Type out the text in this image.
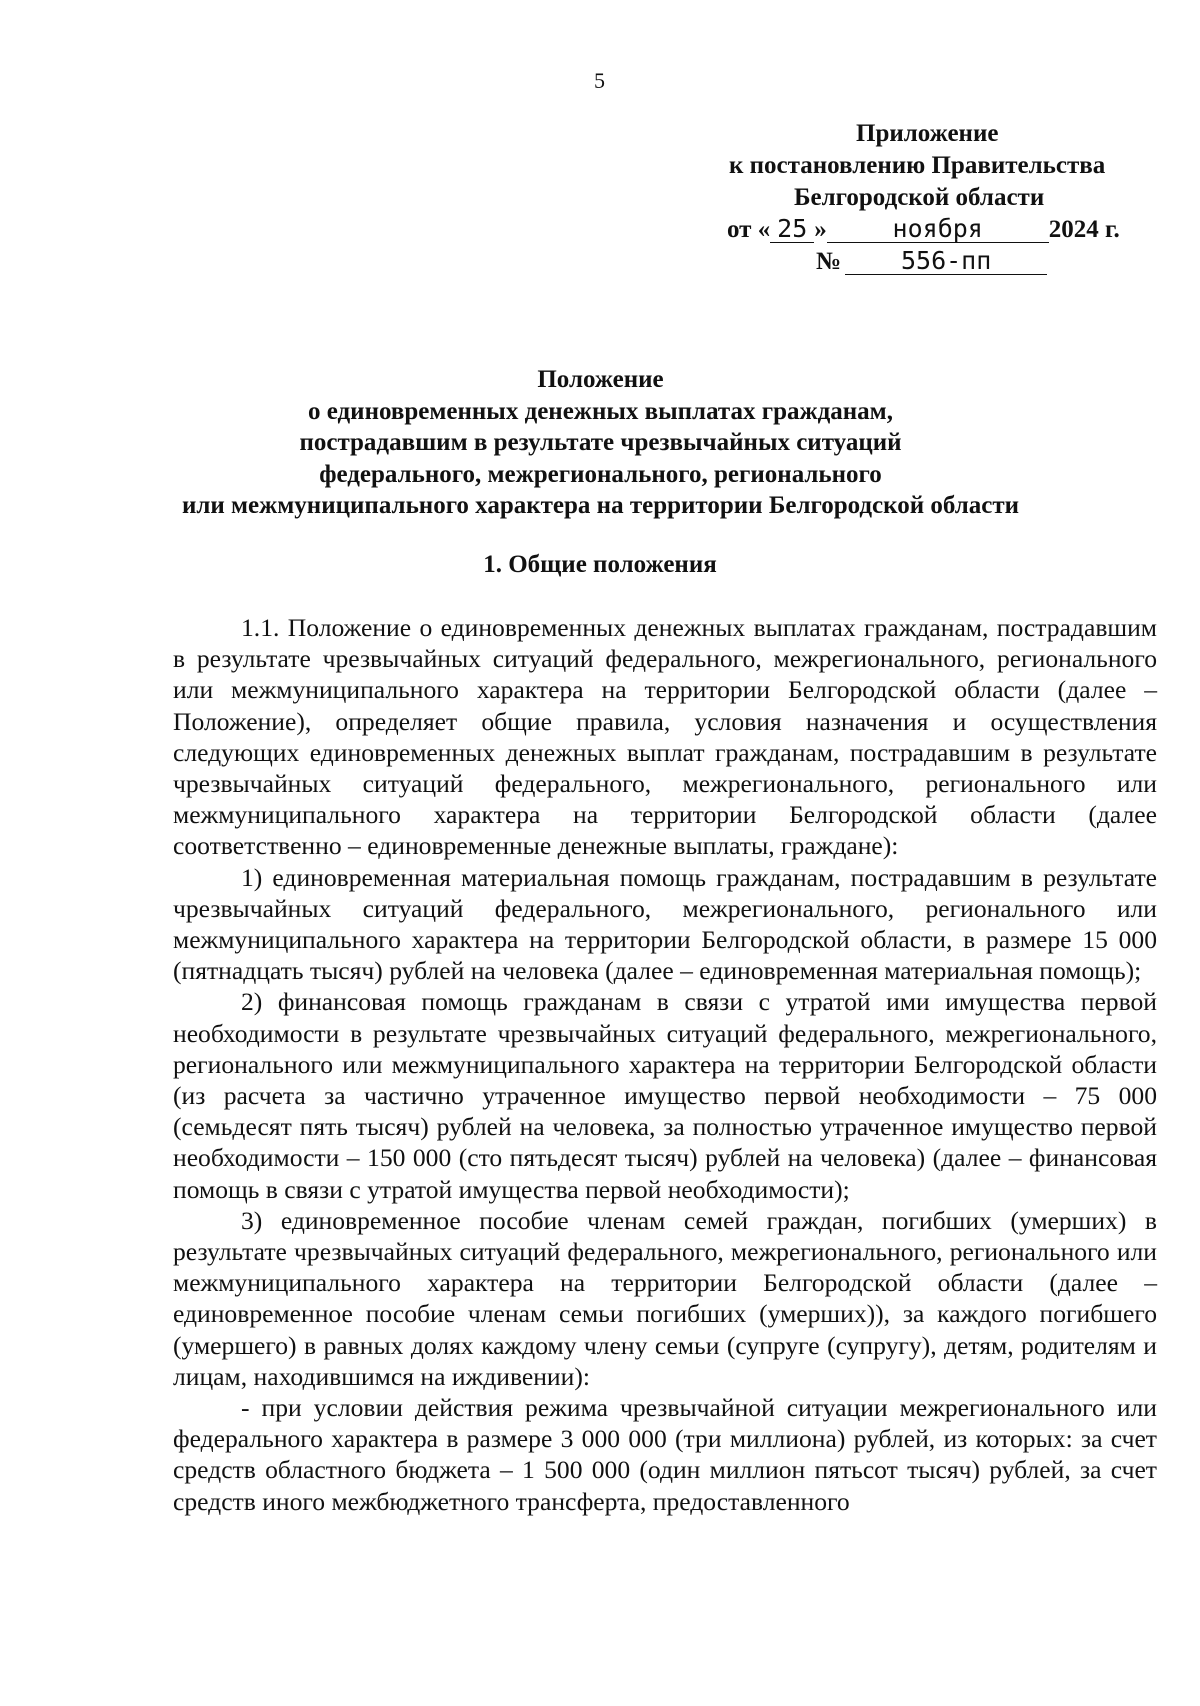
5
Приложение
к постановлению Правительства
Белгородской области
от « 25 »	ноября	2024 г.
№ 556-пп
Положение
о единовременных денежных выплатах гражданам,
пострадавшим в результате чрезвычайных ситуаций
федерального, межрегионального, регионального
или межмуниципального характера на территории Белгородской области
1. Общие положения

1.1. Положение о единовременных денежных выплатах гражданам, пострадавшим в результате чрезвычайных ситуаций федерального, межрегионального, регионального или межмуниципального характера на территории Белгородской области (далее – Положение), определяет общие правила, условия назначения и осуществления следующих единовременных денежных выплат гражданам, пострадавшим в результате чрезвычайных ситуаций федерального, межрегионального, регионального или межмуниципального характера на территории Белгородской области (далее соответственно – единовременные денежные выплаты, граждане):

1) единовременная материальная помощь гражданам, пострадавшим в результате чрезвычайных ситуаций федерального, межрегионального, регионального или межмуниципального характера на территории Белгородской области, в размере 15 000 (пятнадцать тысяч) рублей на человека (далее – единовременная материальная помощь);

2) финансовая помощь гражданам в связи с утратой ими имущества первой необходимости в результате чрезвычайных ситуаций федерального, межрегионального, регионального или межмуниципального характера на территории Белгородской области (из расчета за частично утраченное имущество первой необходимости – 75 000 (семьдесят пять тысяч) рублей на человека, за полностью утраченное имущество первой необходимости – 150 000 (сто пятьдесят тысяч) рублей на человека) (далее – финансовая помощь в связи с утратой имущества первой необходимости);

3) единовременное пособие членам семей граждан, погибших (умерших) в результате чрезвычайных ситуаций федерального, межрегионального, регионального или межмуниципального характера на территории Белгородской области (далее – единовременное пособие членам семьи погибших (умерших)), за каждого погибшего (умершего) в равных долях каждому члену семьи (супруге (супругу), детям, родителям и лицам, находившимся на иждивении):

- при условии действия режима чрезвычайной ситуации межрегионального или федерального характера в размере 3 000 000 (три миллиона) рублей, из которых: за счет средств областного бюджета – 1 500 000 (один миллион пятьсот тысяч) рублей, за счет средств иного межбюджетного трансферта, предоставленного
